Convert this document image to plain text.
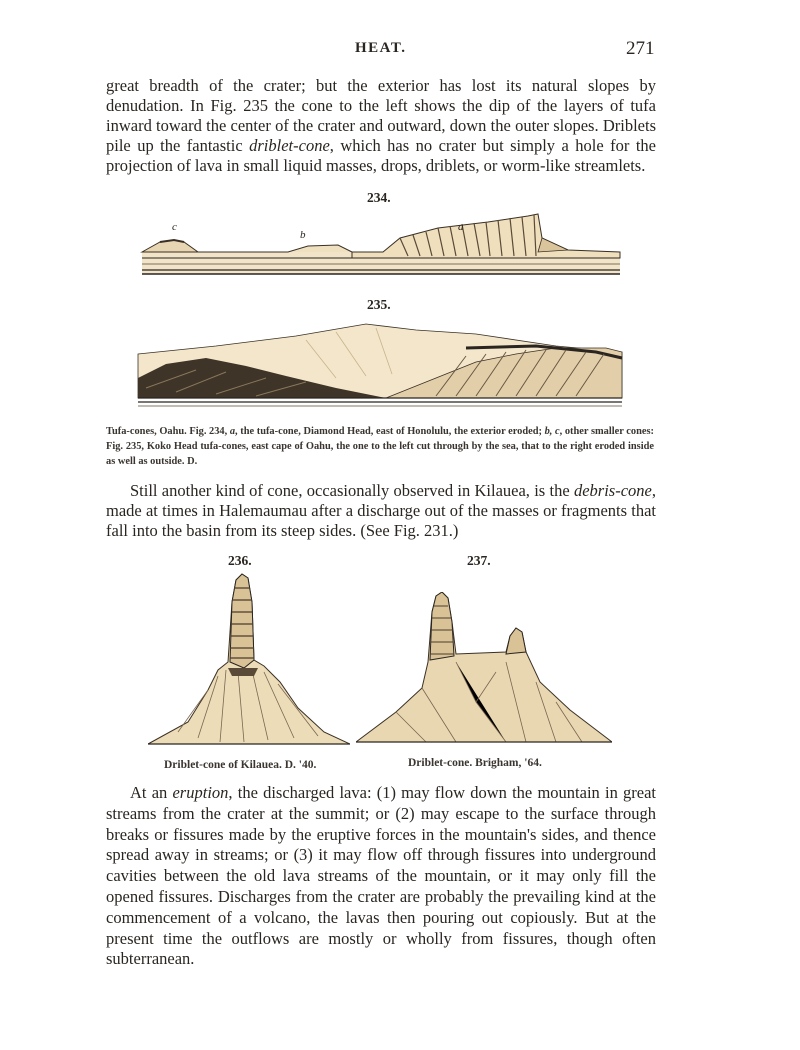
HEAT.	271

great breadth of the crater; but the exterior has lost its natural slopes by denudation. In Fig. 235 the cone to the left shows the dip of the layers of tufa inward toward the center of the crater and outward, down the outer slopes. Driblets pile up the fantastic driblet-cone, which has no crater but simply a hole for the projection of lava in small liquid masses, drops, driblets, or worm-like streamlets.

234.
c
b
a
235.

Tufa-cones, Oahu. Fig. 234, a, the tufa-cone, Diamond Head, east of Honolulu, the exterior eroded; b, c, other smaller cones: Fig. 235, Koko Head tufa-cones, east cape of Oahu, the one to the left cut through by the sea, that to the right eroded inside as well as outside. D.

Still another kind of cone, occasionally observed in Kilauea, is the debris-cone, made at times in Halemaumau after a discharge out of the masses or fragments that fall into the basin from its steep sides. (See Fig. 231.)

236.
Driblet-cone of Kilauea. D. '40.
237.
Driblet-cone. Brigham, '64.

At an eruption, the discharged lava: (1) may flow down the mountain in great streams from the crater at the summit; or (2) may escape to the surface through breaks or fissures made by the eruptive forces in the mountain's sides, and thence spread away in streams; or (3) it may flow off through fissures into underground cavities between the old lava streams of the mountain, or it may only fill the opened fissures. Discharges from the crater are probably the prevailing kind at the commencement of a volcano, the lavas then pouring out copiously. But at the present time the outflows are mostly or wholly from fissures, though often subterranean.
